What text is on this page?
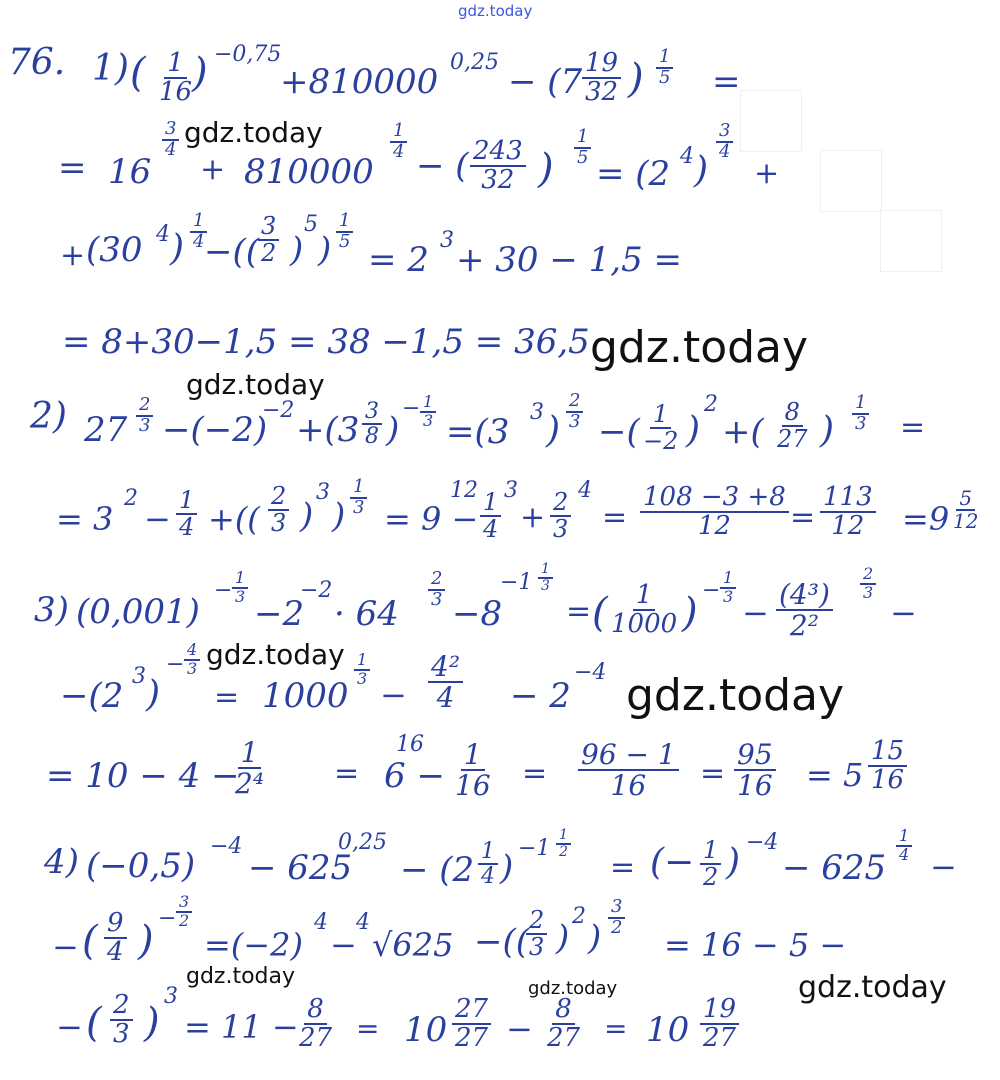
gdz.today
76. 1) ( $\frac{1}{16}$
) −0,75
+810000 $0,25 - (7 \frac{19}{32}$ ) $\frac{1}{5}$ =
= 16
$\frac{3}{4}$
+ 810000
$\frac{1}{4}$
− ( $\frac{243}{32}$ ) $\frac{1}{5}$
= (2 4 )
$\frac{3}{4}$
+
+ (30 4 ) $\frac{1}{4}$
−((
$\frac{3}{2}$ )
5
) $\frac{1}{5}$
= 2 3 + 30 − 1,5 =
= 8+30−1,5 = 38 −1,5 = 36,5
2) $27 \frac{2}{3} -(-2)$
$-2 +(3 \frac{3}{8}$ )
− $\frac{1}{3}$
=(3 3 ) $\frac{2}{3}$
−( $\frac{1}{-2}$ )
2
+( $\frac{8}{27}$ ) $\frac{1}{3}$ =
= 3
2
− $\frac{1}{4}$ +(( $\frac{2}{3}$ )
3
) $\frac{1}{3}$
= 9 −
$12 \frac{1}{4} 3$
+ $\frac{2}{3} 4$
= $\frac{108 -3 +8}{12} = \frac{113}{12} =9 \frac{5}{12}$
3) (0,001)
− $\frac{1}{3}$
−2
−2
· 64
$\frac{2}{3}$
−8
$-1 \frac{1}{3}$
= ( $\frac{1}{1000}$ ) − $\frac{1}{3}$
− $\frac{\text{(4³)}}{\text{2²}} \frac{2}{3}$
−
−(2 3 )
− $\frac{4}{3}$
= 1000
$\frac{1}{3}$
− $\frac{\text{4²}}{4} - 2$
−4
= 10 − 4 −
$\frac{1}{\text{2⁴}} = 6$ −
$16 \frac{1}{16} = \frac{96 - 1}{16} = \frac{95}{16} = 5 \frac{15}{16}$
4) (−0,5) −4
− 625
0,25
− ($2 \frac{1}{4}$ ) $-1 \frac{1}{2}$
= (− $\frac{1}{2}$ ) −4
− 625
$\frac{1}{4}$
−
− ( $\frac{9}{4}$ ) − $\frac{3}{2}$
=(−2)
4
−
4
√625 −((
$\frac{2}{3}$ )
2
)
$\frac{3}{2}$
= 16 − 5 −
− ( $\frac{2}{3}$ )
3
= 11 −
$\frac{8}{27} = 10 \frac{27}{27} - \frac{8}{27} = 10 \frac{19}{27}$
gdz.today
gdz.today
gdz.today
gdz.today
gdz.today
gdz.today	gdz.today	gdz.today
